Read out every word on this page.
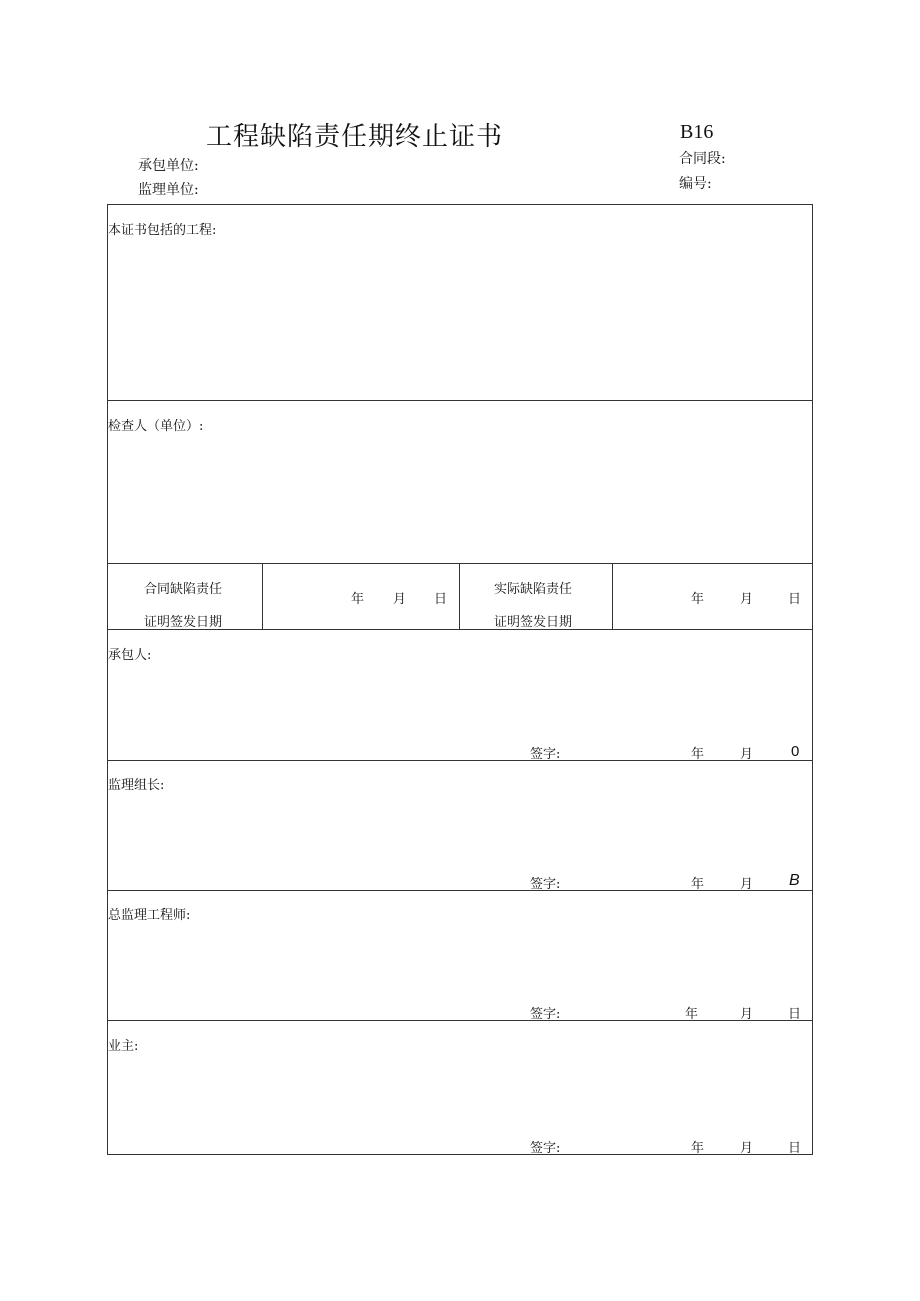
工程缺陷责任期终止证书	B16
承包单位:
监理单位:
合同段:
编号:
本证书包括的工程:
检查人（单位）:
合同缺陷责任
证明签发日期
年 月 日
实际缺陷责任
证明签发日期
年	月	日
承包人:
签字:	年	月	0
监理组长:
签字:	年	月 B
总监理工程师:
签字:	年	月	日
业主:
签字:	年	月	日
